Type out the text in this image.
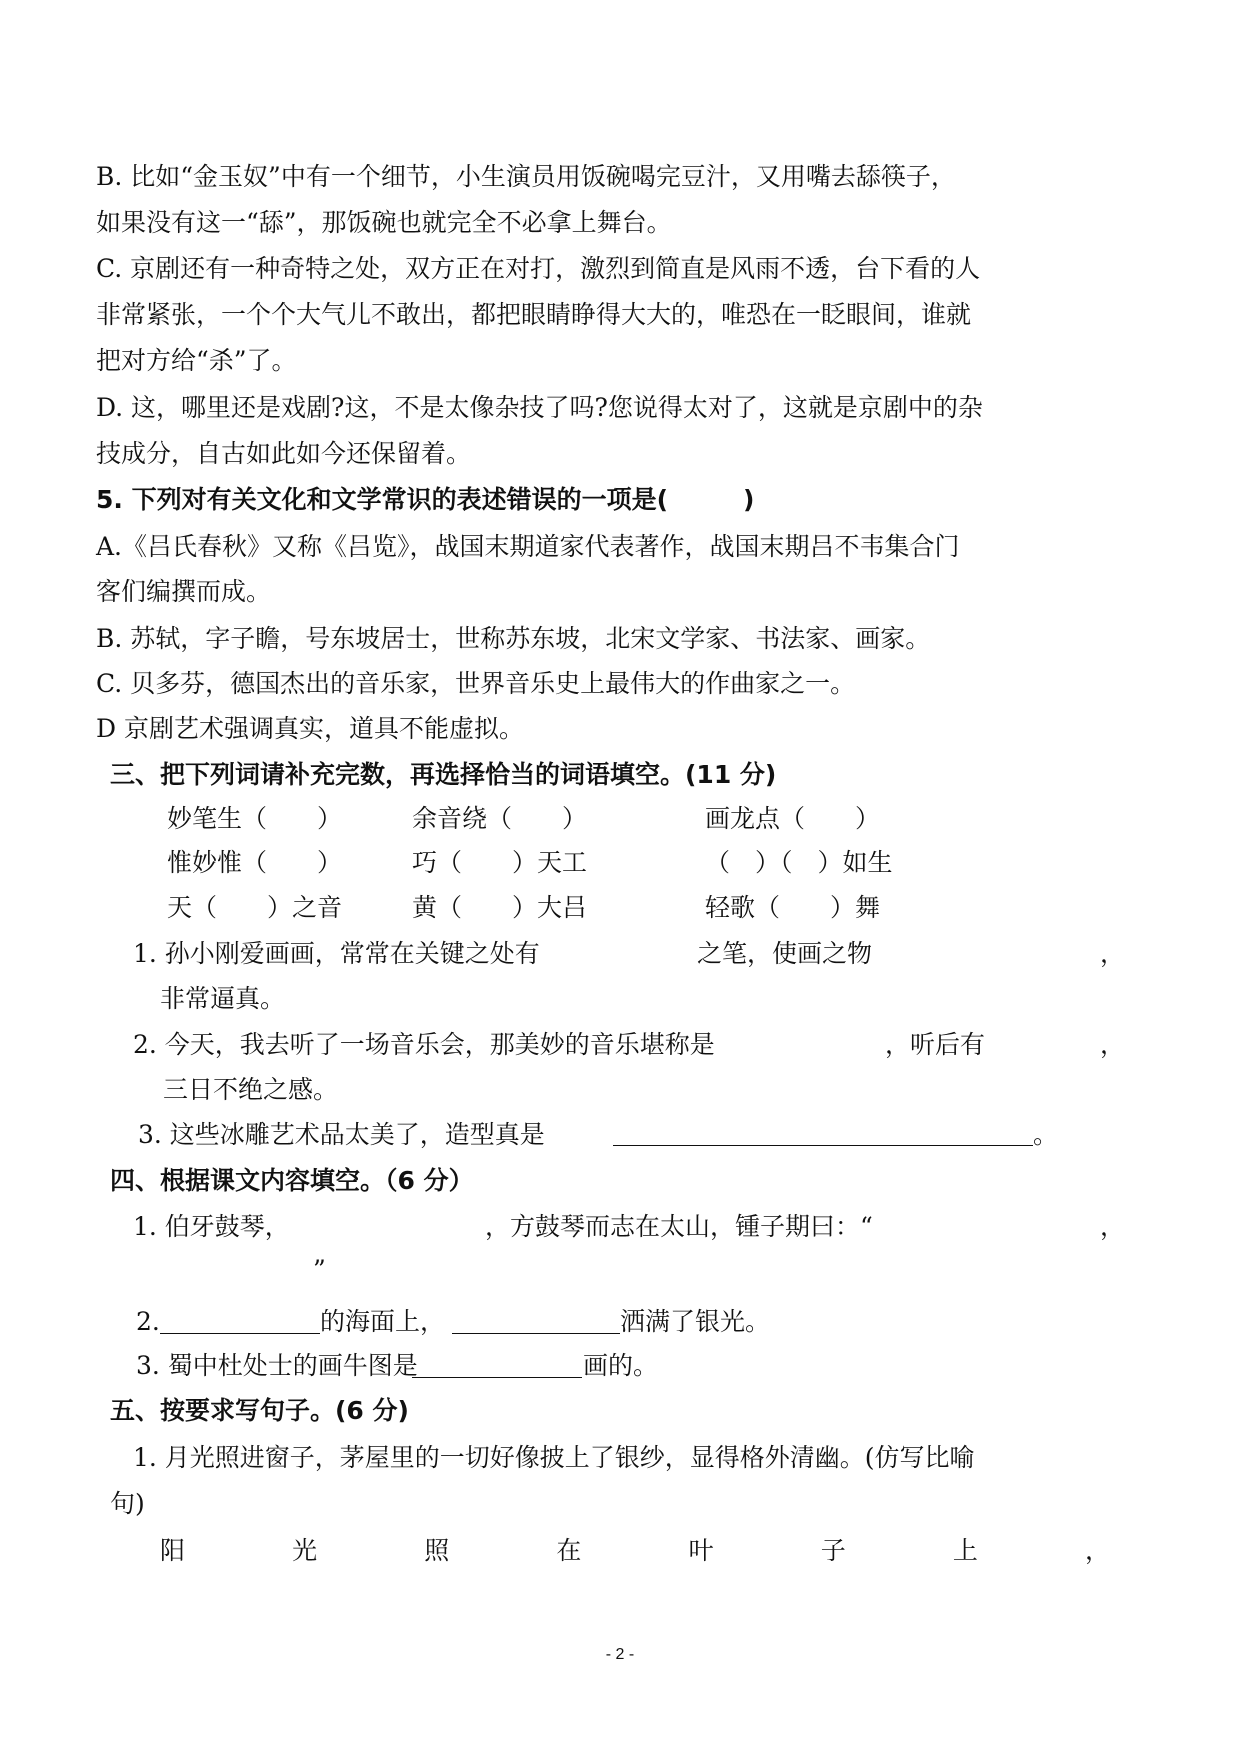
B. 比如“金玉奴”中有一个细节，小生演员用饭碗喝完豆汁，又用嘴去舔筷子，
如果没有这一“舔”，那饭碗也就完全不必拿上舞台。
C. 京剧还有一种奇特之处，双方正在对打，激烈到简直是风雨不透，台下看的人
非常紧张，一个个大气儿不敢出，都把眼睛睁得大大的，唯恐在一眨眼间，谁就
把对方给“杀”了。
D. 这，哪里还是戏剧?这，不是太像杂技了吗?您说得太对了，这就是京剧中的杂
技成分，自古如此如今还保留着。
5. 下列对有关文化和文学常识的表述错误的一项是(　　　)
A.《吕氏春秋》又称《吕览》，战国末期道家代表著作，战国末期吕不韦集合门
客们编撰而成。
B. 苏轼，字子瞻，号东坡居士，世称苏东坡，北宋文学家、书法家、画家。
C. 贝多芬，德国杰出的音乐家，世界音乐史上最伟大的作曲家之一。
D 京剧艺术强调真实，道具不能虚拟。
三、把下列词请补充完数，再选择恰当的词语填空。(11 分)
妙笔生（　　）	余音绕（　　）	画龙点（　　）
惟妙惟（　　）	巧（　　）天工	（　）（　）如生
天（　　）之音	黄（　　）大吕	轻歌（　　）舞
1. 孙小刚爱画画，常常在关键之处有	之笔，使画之物	，
非常逼真。
2. 今天，我去听了一场音乐会，那美妙的音乐堪称是	，听后有	，
三日不绝之感。
3. 这些冰雕艺术品太美了，造型真是	。
四、根据课文内容填空。（6 分）
1. 伯牙鼓琴，	，方鼓琴而志在太山，锺子期曰：“	，
”
2.	的海面上，	洒满了银光。
3. 蜀中杜处士的画牛图是	画的。
五、按要求写句子。(6 分)
1. 月光照进窗子，茅屋里的一切好像披上了银纱，显得格外清幽。(仿写比喻
句)
阳	光	照	在	叶	子	上	，
- 2 -
